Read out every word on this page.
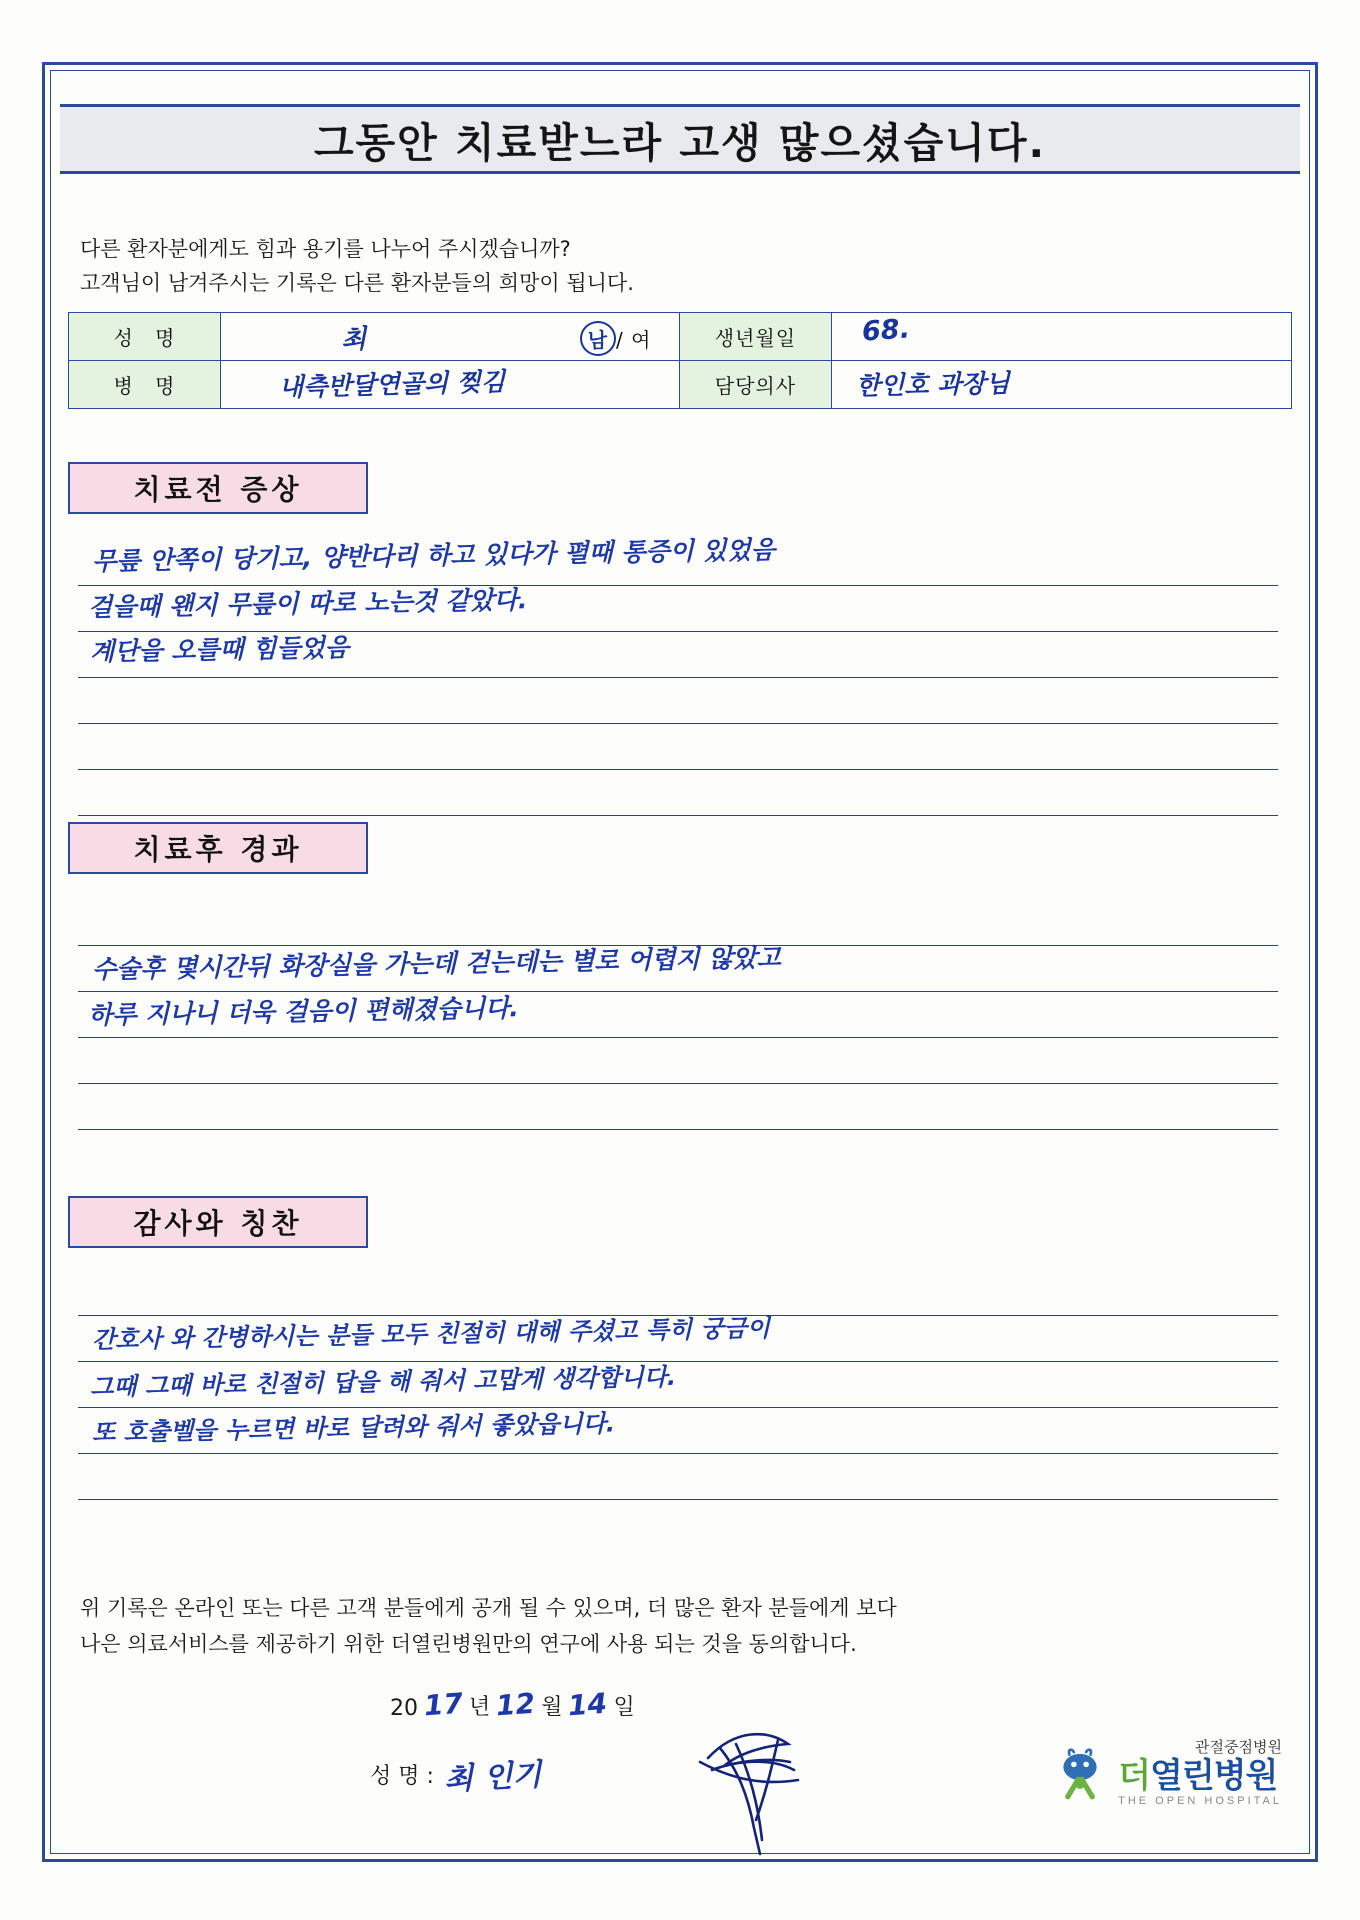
그동안 치료받느라 고생 많으셨습니다.
다른 환자분에게도 힘과 용기를 나누어 주시겠습니까?
고객님이 남겨주시는 기록은 다른 환자분들의 희망이 됩니다.
성 명	최 남 / 여	생년월일	68.

병 명	내측반달연골의 찢김	담당의사	한인호 과장님
치료전 증상
무릎 안쪽이 당기고, 양반다리 하고 있다가 펼때 통증이 있었음
걸을때 왠지 무릎이 따로 노는것 같았다.
계단을 오를때 힘들었음
치료후 경과
수술후 몇시간뒤 화장실을 가는데 걷는데는 별로 어렵지 않았고
하루 지나니 더욱 걸음이 편해졌습니다.
감사와 칭찬
간호사 와 간병하시는 분들 모두 친절히 대해 주셨고 특히 궁금이
그때 그때 바로 친절히 답을 해 줘서 고맙게 생각합니다.
또 호출벨을 누르면 바로 달려와 줘서 좋았읍니다.
위 기록은 온라인 또는 다른 고객 분들에게 공개 될 수 있으며, 더 많은 환자 분들에게 보다
나은 의료서비스를 제공하기 위한 더열린병원만의 연구에 사용 되는 것을 동의합니다.
20 17 년 12 월 14 일
성 명 : 최 인기
관절중점병원
더열린병원
THE OPEN HOSPITAL
